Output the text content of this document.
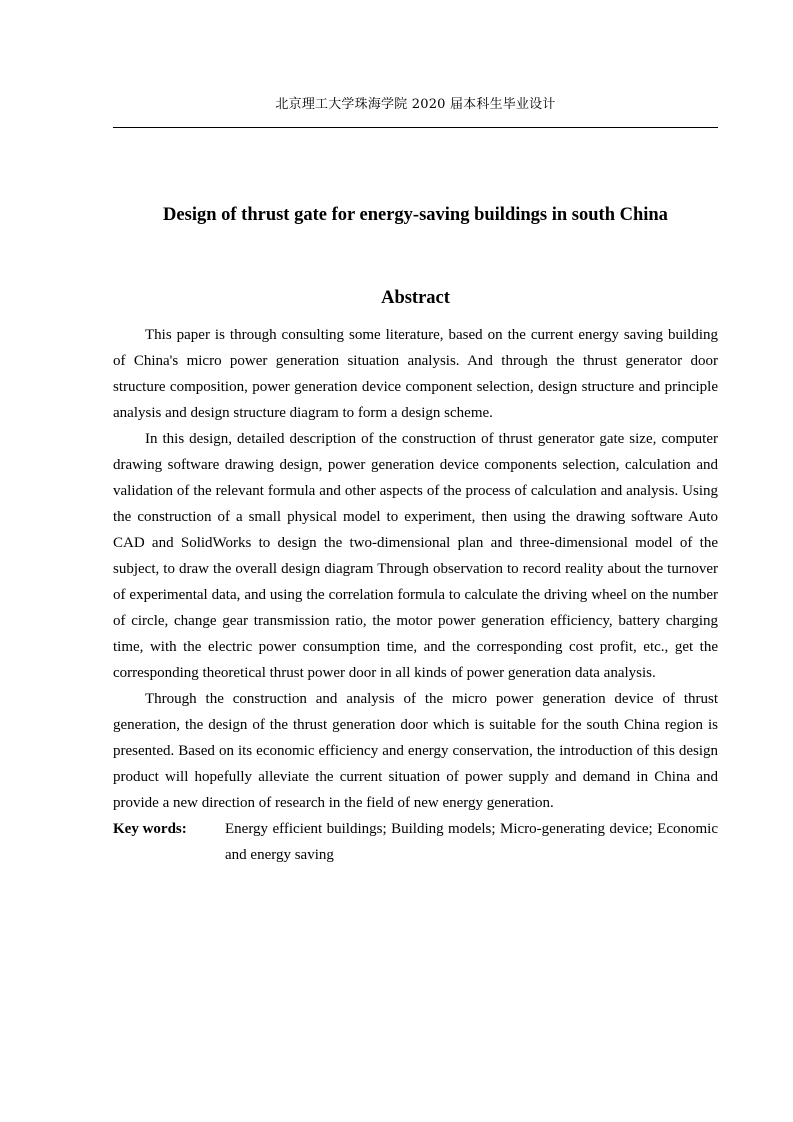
北京理工大学珠海学院 2020 届本科生毕业设计
Design of thrust gate for energy-saving buildings in south China
Abstract

This paper is through consulting some literature, based on the current energy saving building of China's micro power generation situation analysis. And through the thrust generator door structure composition, power generation device component selection, design structure and principle analysis and design structure diagram to form a design scheme.

In this design, detailed description of the construction of thrust generator gate size, computer drawing software drawing design, power generation device components selection, calculation and validation of the relevant formula and other aspects of the process of calculation and analysis. Using the construction of a small physical model to experiment, then using the drawing software Auto CAD and SolidWorks to design the two-dimensional plan and three-dimensional model of the subject, to draw the overall design diagram Through observation to record reality about the turnover of experimental data, and using the correlation formula to calculate the driving wheel on the number of circle, change gear transmission ratio, the motor power generation efficiency, battery charging time, with the electric power consumption time, and the corresponding cost profit, etc., get the corresponding theoretical thrust power door in all kinds of power generation data analysis.

Through the construction and analysis of the micro power generation device of thrust generation, the design of the thrust generation door which is suitable for the south China region is presented. Based on its economic efficiency and energy conservation, the introduction of this design product will hopefully alleviate the current situation of power supply and demand in China and provide a new direction of research in the field of new energy generation.

Key words:	Energy efficient buildings; Building models; Micro-generating device; Economic and energy saving
